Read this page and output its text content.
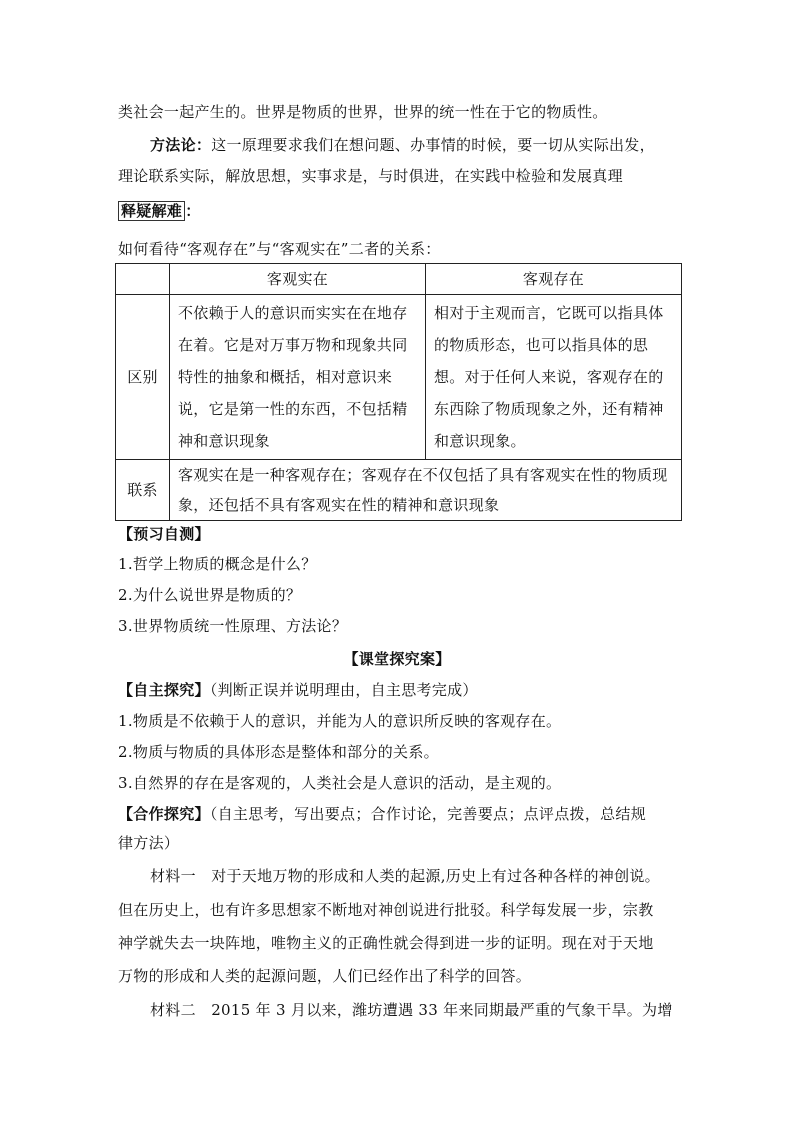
类社会一起产生的。世界是物质的世界，世界的统一性在于它的物质性。
方法论：这一原理要求我们在想问题、办事情的时候，要一切从实际出发，
理论联系实际，解放思想，实事求是，与时俱进，在实践中检验和发展真理
释疑解难 ：
如何看待“客观存在”与“客观实在”二者的关系：
	客观实在	客观存在
区别	不依赖于人的意识而实实在在地存在着。它是对万事万物和现象共同特性的抽象和概括，相对意识来说，它是第一性的东西，不包括精神和意识现象	相对于主观而言，它既可以指具体的物质形态，也可以指具体的思想。对于任何人来说，客观存在的东西除了物质现象之外，还有精神和意识现象。
联系	客观实在是一种客观存在；客观存在不仅包括了具有客观实在性的物质现象，还包括不具有客观实在性的精神和意识现象	
【预习自测】
1.哲学上物质的概念是什么？
2.为什么说世界是物质的？
3.世界物质统一性原理、方法论？
【课堂探究案】
【自主探究】（判断正误并说明理由，自主思考完成）
1.物质是不依赖于人的意识，并能为人的意识所反映的客观存在。
2.物质与物质的具体形态是整体和部分的关系。
3.自然界的存在是客观的，人类社会是人意识的活动，是主观的。
【合作探究】（自主思考，写出要点；合作讨论，完善要点；点评点拨，总结规
律方法）
材料一　对于天地万物的形成和人类的起源,历史上有过各种各样的神创说。
但在历史上，也有许多思想家不断地对神创说进行批驳。科学每发展一步，宗教
神学就失去一块阵地，唯物主义的正确性就会得到进一步的证明。现在对于天地
万物的形成和人类的起源问题，人们已经作出了科学的回答。
材料二　2015 年 3 月以来，潍坊遭遇 33 年来同期最严重的气象干旱。为增
